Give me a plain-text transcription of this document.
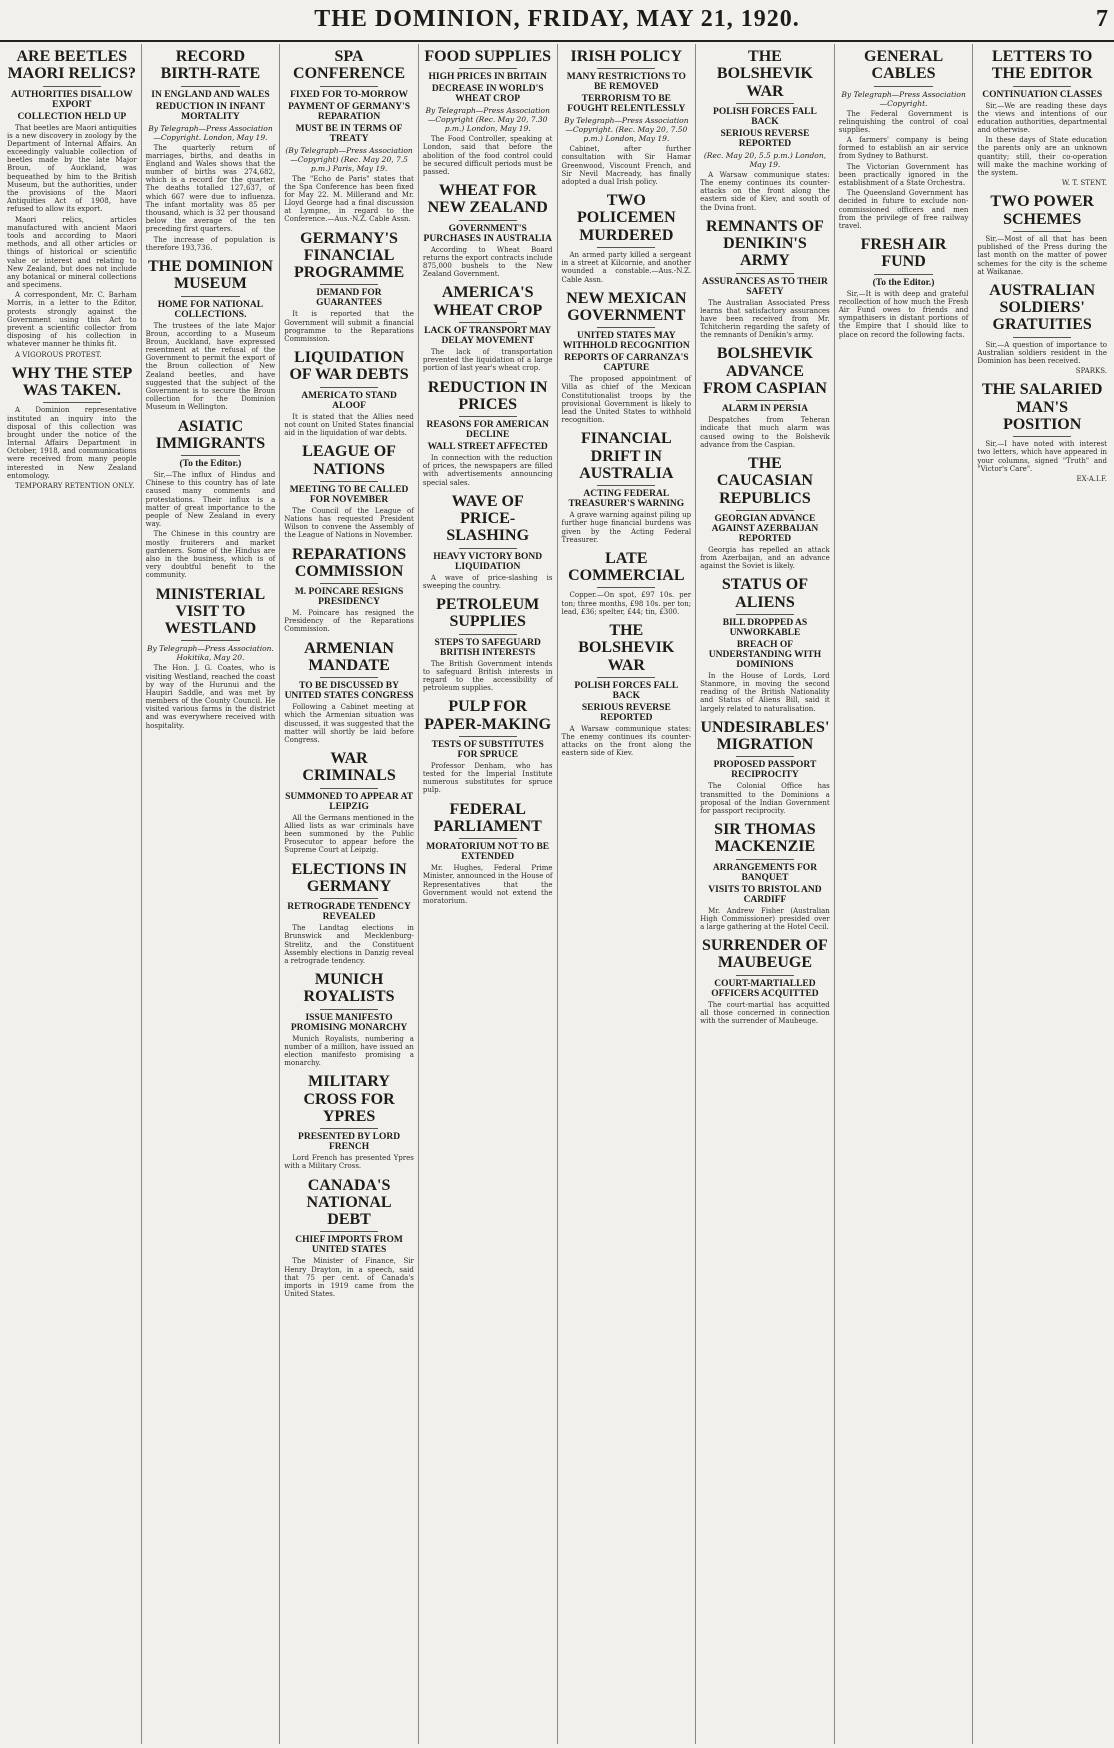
THE DOMINION, FRIDAY, MAY 21, 1920.	7
ARE BEETLES MAORI RELICS?
AUTHORITIES DISALLOW EXPORT
COLLECTION HELD UP

That beetles are Maori antiquities is a new discovery in zoology by the Department of Internal Affairs. An exceedingly valuable collection of beetles made by the late Major Broun, of Auckland, was bequeathed by him to the British Museum, but the authorities, under the provisions of the Maori Antiquities Act of 1908, have refused to allow its export.

Maori relics, articles manufactured with ancient Maori tools and according to Maori methods, and all other articles or things of historical or scientific value or interest and relating to New Zealand, but does not include any botanical or mineral collections and specimens.

A correspondent, Mr. C. Barham Morris, in a letter to the Editor, protests strongly against the Government using this Act to prevent a scientific collector from disposing of his collection in whatever manner he thinks fit.

A VIGOROUS PROTEST.

WHY THE STEP WAS TAKEN.

A Dominion representative instituted an inquiry into the disposal of this collection was brought under the notice of the Internal Affairs Department in October, 1918, and communications were received from many people interested in New Zealand entomology.

TEMPORARY RETENTION ONLY.

RECORD BIRTH-RATE
IN ENGLAND AND WALES
REDUCTION IN INFANT MORTALITY
By Telegraph—Press Association—Copyright. London, May 19.

The quarterly return of marriages, births, and deaths in England and Wales shows that the number of births was 274,682, which is a record for the quarter. The deaths totalled 127,637, of which 667 were due to influenza. The infant mortality was 85 per thousand, which is 32 per thousand below the average of the ten preceding first quarters.

The increase of population is therefore 193,736.

THE DOMINION MUSEUM
HOME FOR NATIONAL COLLECTIONS.

The trustees of the late Major Broun, according to a Museum Broun, Auckland, have expressed resentment at the refusal of the Government to permit the export of the Broun collection of New Zealand beetles, and have suggested that the subject of the Government is to secure the Broun collection for the Dominion Museum in Wellington.

ASIATIC IMMIGRANTS
(To the Editor.)

Sir,—The influx of Hindus and Chinese to this country has of late caused many comments and protestations. Their influx is a matter of great importance to the people of New Zealand in every way.

The Chinese in this country are mostly fruiterers and market gardeners. Some of the Hindus are also in the business, which is of very doubtful benefit to the community.

MINISTERIAL VISIT TO WESTLAND
By Telegraph—Press Association. Hokitika, May 20.

The Hon. J. G. Coates, who is visiting Westland, reached the coast by way of the Hurunui and the Haupiri Saddle, and was met by members of the County Council. He visited various farms in the district and was everywhere received with hospitality.

SPA CONFERENCE
FIXED FOR TO-MORROW
PAYMENT OF GERMANY'S REPARATION
MUST BE IN TERMS OF TREATY
(By Telegraph—Press Association—Copyright) (Rec. May 20, 7.5 p.m.) Paris, May 19.

The "Echo de Paris" states that the Spa Conference has been fixed for May 22. M. Millerand and Mr. Lloyd George had a final discussion at Lympne, in regard to the Conference.—Aus.-N.Z. Cable Assn.

GERMANY'S FINANCIAL PROGRAMME
DEMAND FOR GUARANTEES

It is reported that the Government will submit a financial programme to the Reparations Commission.

LIQUIDATION OF WAR DEBTS
AMERICA TO STAND ALOOF

It is stated that the Allies need not count on United States financial aid in the liquidation of war debts.

LEAGUE OF NATIONS
MEETING TO BE CALLED FOR NOVEMBER

The Council of the League of Nations has requested President Wilson to convene the Assembly of the League of Nations in November.

REPARATIONS COMMISSION
M. POINCARE RESIGNS PRESIDENCY

M. Poincare has resigned the Presidency of the Reparations Commission.

ARMENIAN MANDATE
TO BE DISCUSSED BY UNITED STATES CONGRESS

Following a Cabinet meeting at which the Armenian situation was discussed, it was suggested that the matter will shortly be laid before Congress.

WAR CRIMINALS
SUMMONED TO APPEAR AT LEIPZIG

All the Germans mentioned in the Allied lists as war criminals have been summoned by the Public Prosecutor to appear before the Supreme Court at Leipzig.

ELECTIONS IN GERMANY
RETROGRADE TENDENCY REVEALED

The Landtag elections in Brunswick and Mecklenburg-Strelitz, and the Constituent Assembly elections in Danzig reveal a retrograde tendency.

MUNICH ROYALISTS
ISSUE MANIFESTO PROMISING MONARCHY

Munich Royalists, numbering a number of a million, have issued an election manifesto promising a monarchy.

MILITARY CROSS FOR YPRES
PRESENTED BY LORD FRENCH

Lord French has presented Ypres with a Military Cross.

CANADA'S NATIONAL DEBT
CHIEF IMPORTS FROM UNITED STATES

The Minister of Finance, Sir Henry Drayton, in a speech, said that 75 per cent. of Canada's imports in 1919 came from the United States.

FOOD SUPPLIES
HIGH PRICES IN BRITAIN
DECREASE IN WORLD'S WHEAT CROP
By Telegraph—Press Association—Copyright (Rec. May 20, 7.30 p.m.) London, May 19.

The Food Controller, speaking at London, said that before the abolition of the food control could be secured difficult periods must be passed.

WHEAT FOR NEW ZEALAND
GOVERNMENT'S PURCHASES IN AUSTRALIA

According to Wheat Board returns the export contracts include 875,000 bushels to the New Zealand Government.

AMERICA'S WHEAT CROP
LACK OF TRANSPORT MAY DELAY MOVEMENT

The lack of transportation prevented the liquidation of a large portion of last year's wheat crop.

REDUCTION IN PRICES
REASONS FOR AMERICAN DECLINE
WALL STREET AFFECTED

In connection with the reduction of prices, the newspapers are filled with advertisements announcing special sales.

WAVE OF PRICE-SLASHING
HEAVY VICTORY BOND LIQUIDATION

A wave of price-slashing is sweeping the country.

PETROLEUM SUPPLIES
STEPS TO SAFEGUARD BRITISH INTERESTS

The British Government intends to safeguard British interests in regard to the accessibility of petroleum supplies.

PULP FOR PAPER-MAKING
TESTS OF SUBSTITUTES FOR SPRUCE

Professor Denham, who has tested for the Imperial Institute numerous substitutes for spruce pulp.

FEDERAL PARLIAMENT
MORATORIUM NOT TO BE EXTENDED

Mr. Hughes, Federal Prime Minister, announced in the House of Representatives that the Government would not extend the moratorium.

IRISH POLICY
MANY RESTRICTIONS TO BE REMOVED
TERRORISM TO BE FOUGHT RELENTLESSLY
By Telegraph—Press Association—Copyright. (Rec. May 20, 7.50 p.m.) London, May 19.

Cabinet, after further consultation with Sir Hamar Greenwood, Viscount French, and Sir Nevil Macready, has finally adopted a dual Irish policy.

TWO POLICEMEN MURDERED

An armed party killed a sergeant in a street at Kilcornie, and another wounded a constable.—Aus.-N.Z. Cable Assn.

NEW MEXICAN GOVERNMENT
UNITED STATES MAY WITHHOLD RECOGNITION
REPORTS OF CARRANZA'S CAPTURE

The proposed appointment of Villa as chief of the Mexican Constitutionalist troops by the provisional Government is likely to lead the United States to withhold recognition.

FINANCIAL DRIFT IN AUSTRALIA
ACTING FEDERAL TREASURER'S WARNING

A grave warning against piling up further huge financial burdens was given by the Acting Federal Treasurer.

LATE COMMERCIAL

Copper.—On spot, £97 10s. per ton; three months, £98 10s. per ton; lead, £36; spelter, £44; tin, £300.

THE BOLSHEVIK WAR
POLISH FORCES FALL BACK
SERIOUS REVERSE REPORTED

A Warsaw communique states: The enemy continues its counter-attacks on the front along the eastern side of Kiev.

THE BOLSHEVIK WAR
POLISH FORCES FALL BACK
SERIOUS REVERSE REPORTED
(Rec. May 20, 5.5 p.m.) London, May 19.

A Warsaw communique states: The enemy continues its counter-attacks on the front along the eastern side of Kiev, and south of the Dvina front.

REMNANTS OF DENIKIN'S ARMY
ASSURANCES AS TO THEIR SAFETY

The Australian Associated Press learns that satisfactory assurances have been received from Mr. Tchitcherin regarding the safety of the remnants of Denikin's army.

BOLSHEVIK ADVANCE FROM CASPIAN
ALARM IN PERSIA

Despatches from Teheran indicate that much alarm was caused owing to the Bolshevik advance from the Caspian.

THE CAUCASIAN REPUBLICS
GEORGIAN ADVANCE AGAINST AZERBAIJAN REPORTED

Georgia has repelled an attack from Azerbaijan, and an advance against the Soviet is likely.

STATUS OF ALIENS
BILL DROPPED AS UNWORKABLE
BREACH OF UNDERSTANDING WITH DOMINIONS

In the House of Lords, Lord Stanmore, in moving the second reading of the British Nationality and Status of Aliens Bill, said it largely related to naturalisation.

UNDESIRABLES' MIGRATION
PROPOSED PASSPORT RECIPROCITY

The Colonial Office has transmitted to the Dominions a proposal of the Indian Government for passport reciprocity.

SIR THOMAS MACKENZIE
ARRANGEMENTS FOR BANQUET
VISITS TO BRISTOL AND CARDIFF

Mr. Andrew Fisher (Australian High Commissioner) presided over a large gathering at the Hotel Cecil.

SURRENDER OF MAUBEUGE
COURT-MARTIALLED OFFICERS ACQUITTED

The court-martial has acquitted all those concerned in connection with the surrender of Maubeuge.

GENERAL CABLES
By Telegraph—Press Association—Copyright.

The Federal Government is relinquishing the control of coal supplies.

A farmers' company is being formed to establish an air service from Sydney to Bathurst.

The Victorian Government has been practically ignored in the establishment of a State Orchestra.

The Queensland Government has decided in future to exclude non-commissioned officers and men from the privilege of free railway travel.

FRESH AIR FUND
(To the Editor.)

Sir,—It is with deep and grateful recollection of how much the Fresh Air Fund owes to friends and sympathisers in distant portions of the Empire that I should like to place on record the following facts.

LETTERS TO THE EDITOR
CONTINUATION CLASSES

Sir,—We are reading these days the views and intentions of our education authorities, departmental and otherwise.

In these days of State education the parents only are an unknown quantity; still, their co-operation will make the machine working of the system.

W. T. STENT.
TWO POWER SCHEMES

Sir,—Most of all that has been published of the Press during the last month on the matter of power schemes for the city is the scheme at Waikanae.

AUSTRALIAN SOLDIERS' GRATUITIES

Sir,—A question of importance to Australian soldiers resident in the Dominion has been received.

SPARKS.
THE SALARIED MAN'S POSITION

Sir,—I have noted with interest two letters, which have appeared in your columns, signed "Truth" and "Victor's Care".

EX-A.I.F.
